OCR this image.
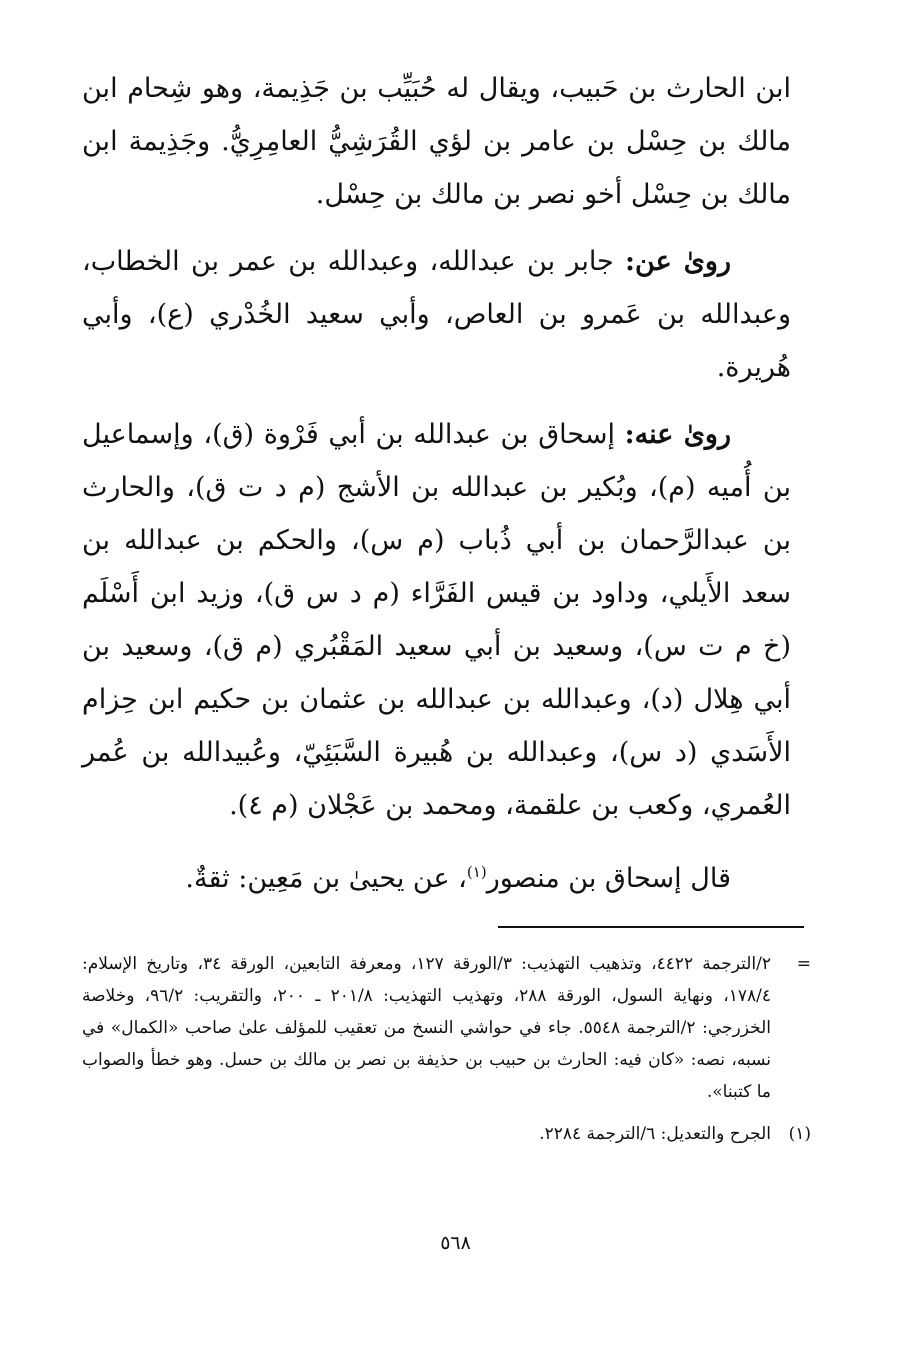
ابن الحارث بن حَبيب، ويقال له حُبَيِّب بن جَذِيمة، وهو شِحام ابن مالك بن حِسْل بن عامر بن لؤي القُرَشِيُّ العامِرِيُّ. وجَذِيمة ابن مالك بن حِسْل أخو نصر بن مالك بن حِسْل.

روىٰ عن: جابر بن عبدالله، وعبدالله بن عمر بن الخطاب، وعبدالله بن عَمرو بن العاص، وأبي سعيد الخُدْري (ع)، وأبي هُريرة.

روىٰ عنه: إسحاق بن عبدالله بن أبي فَرْوة (ق)، وإسماعيل بن أُميه (م)، وبُكير بن عبدالله بن الأشج (م د ت ق)، والحارث بن عبدالرَّحمان بن أبي ذُباب (م س)، والحكم بن عبدالله بن سعد الأَيلي، وداود بن قيس الفَرَّاء (م د س ق)، وزيد ابن أَسْلَم (خ م ت س)، وسعيد بن أبي سعيد المَقْبُري (م ق)، وسعيد بن أبي هِلال (د)، وعبدالله بن عبدالله بن عثمان بن حكيم ابن حِزام الأَسَدي (د س)، وعبدالله بن هُبيرة السَّبَئِيّ، وعُبيدالله بن عُمر العُمري، وكعب بن علقمة، ومحمد بن عَجْلان (م ٤).

قال إسحاق بن منصور$^{(١)}$، عن يحيىٰ بن مَعِين: ثقةٌ.

=
٢/الترجمة ٤٤٢٢، وتذهيب التهذيب: ٣/الورقة ١٢٧، ومعرفة التابعين، الورقة ٣٤، وتاريخ الإسلام: ١٧٨/٤، ونهاية السول، الورقة ٢٨٨، وتهذيب التهذيب: ٢٠١/٨ ـ ٢٠٠، والتقريب: ٩٦/٢، وخلاصة الخزرجي: ٢/الترجمة ٥٥٤٨. جاء في حواشي النسخ من تعقيب للمؤلف علىٰ صاحب «الكمال» في نسبه، نصه: «كان فيه: الحارث بن حبيب بن حذيفة بن نصر بن مالك بن حسل. وهو خطأ والصواب ما كتبنا».
(١)
الجرح والتعديل: ٦/الترجمة ٢٢٨٤.
٥٦٨
